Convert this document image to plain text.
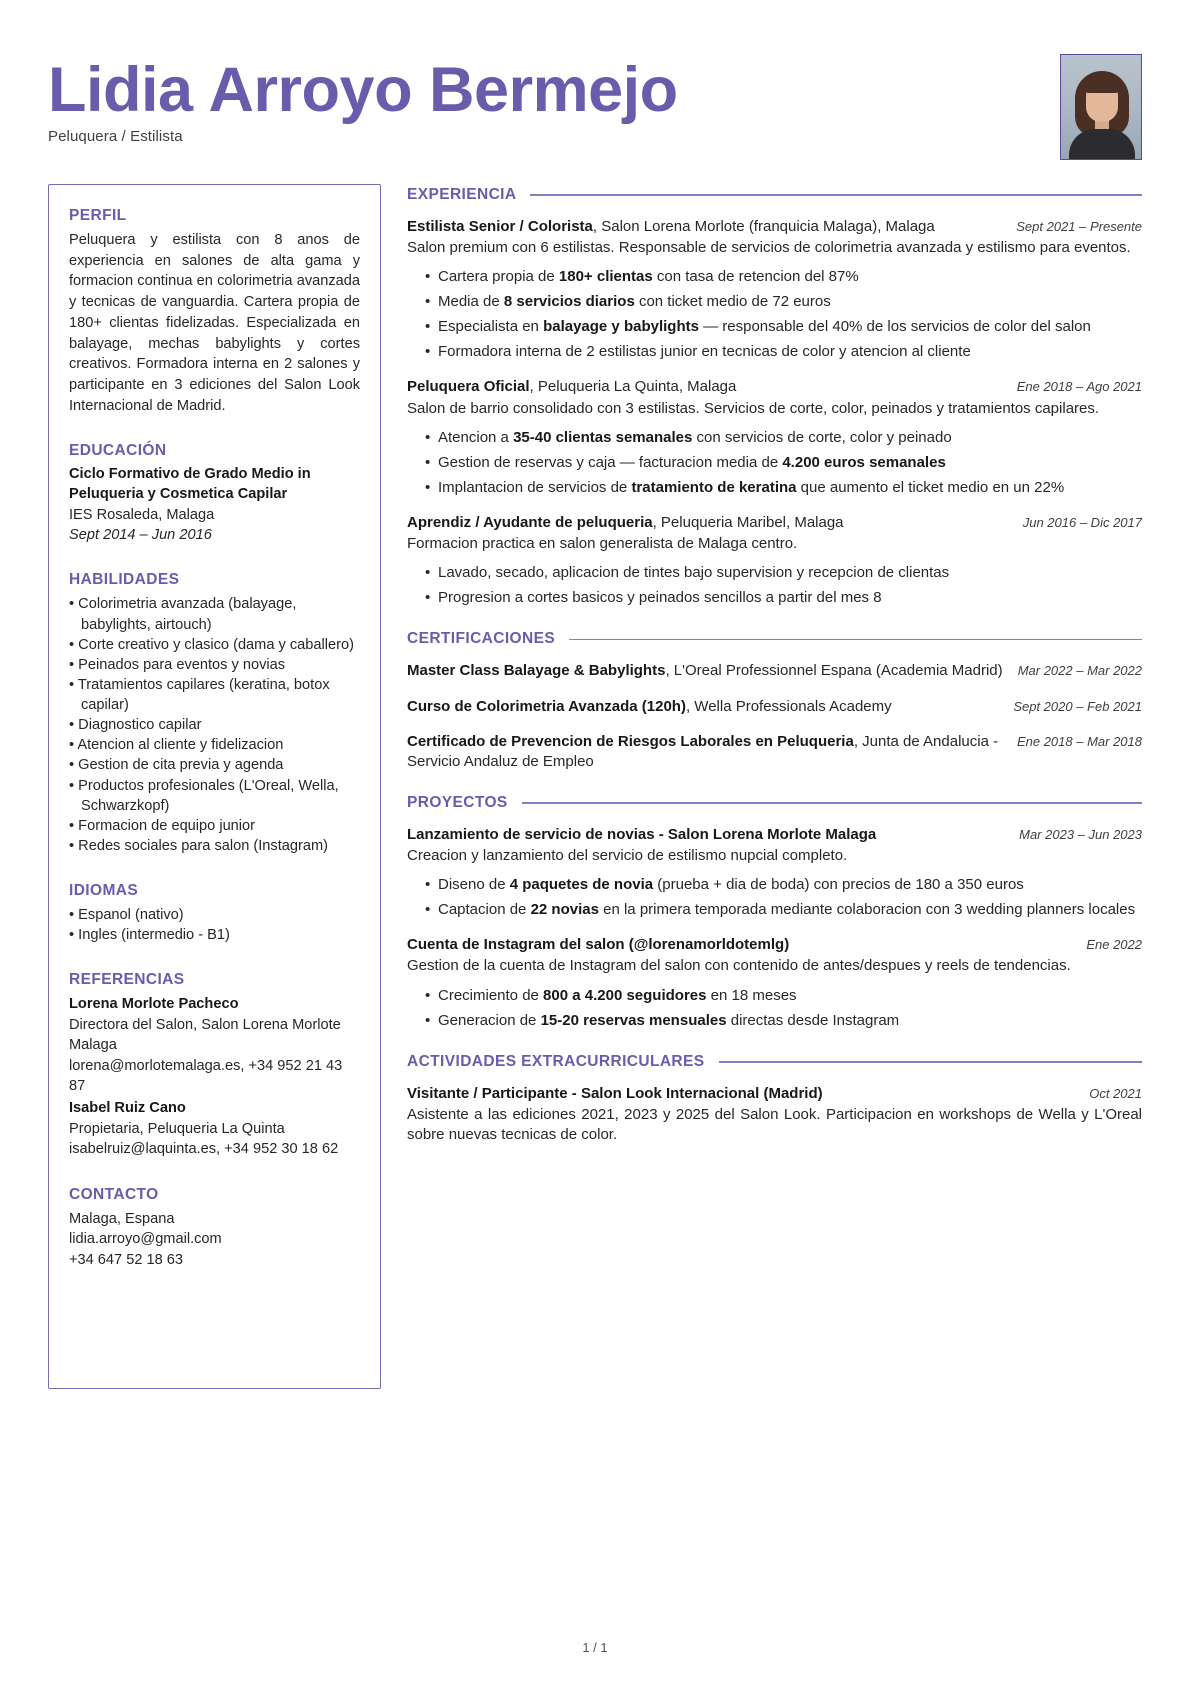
Lidia Arroyo Bermejo
Peluquera / Estilista
PERFIL
Peluquera y estilista con 8 anos de experiencia en salones de alta gama y formacion continua en colorimetria avanzada y tecnicas de vanguardia. Cartera propia de 180+ clientas fidelizadas. Especializada en balayage, mechas babylights y cortes creativos. Formadora interna en 2 salones y participante en 3 ediciones del Salon Look Internacional de Madrid.
EDUCACIÓN
Ciclo Formativo de Grado Medio in Peluqueria y Cosmetica Capilar
IES Rosaleda, Malaga
Sept 2014 – Jun 2016
HABILIDADES
• Colorimetria avanzada (balayage, babylights, airtouch)
• Corte creativo y clasico (dama y caballero)
• Peinados para eventos y novias
• Tratamientos capilares (keratina, botox capilar)
• Diagnostico capilar
• Atencion al cliente y fidelizacion
• Gestion de cita previa y agenda
• Productos profesionales (L'Oreal, Wella, Schwarzkopf)
• Formacion de equipo junior
• Redes sociales para salon (Instagram)
IDIOMAS
• Espanol (nativo)
• Ingles (intermedio - B1)
REFERENCIAS
Lorena Morlote Pacheco
Directora del Salon, Salon Lorena Morlote Malaga
lorena@morlotemalaga.es, +34 952 21 43 87
Isabel Ruiz Cano
Propietaria, Peluqueria La Quinta
isabelruiz@laquinta.es, +34 952 30 18 62
CONTACTO
Malaga, Espana
lidia.arroyo@gmail.com
+34 647 52 18 63
EXPERIENCIA
Estilista Senior / Colorista, Salon Lorena Morlote (franquicia Malaga), Malaga	Sept 2021 – Presente
Salon premium con 6 estilistas. Responsable de servicios de colorimetria avanzada y estilismo para eventos.
• Cartera propia de 180+ clientas con tasa de retencion del 87%
• Media de 8 servicios diarios con ticket medio de 72 euros
• Especialista en balayage y babylights — responsable del 40% de los servicios de color del salon
• Formadora interna de 2 estilistas junior en tecnicas de color y atencion al cliente
Peluquera Oficial, Peluqueria La Quinta, Malaga	Ene 2018 – Ago 2021
Salon de barrio consolidado con 3 estilistas. Servicios de corte, color, peinados y tratamientos capilares.
• Atencion a 35-40 clientas semanales con servicios de corte, color y peinado
• Gestion de reservas y caja — facturacion media de 4.200 euros semanales
• Implantacion de servicios de tratamiento de keratina que aumento el ticket medio en un 22%
Aprendiz / Ayudante de peluqueria, Peluqueria Maribel, Malaga	Jun 2016 – Dic 2017
Formacion practica en salon generalista de Malaga centro.
• Lavado, secado, aplicacion de tintes bajo supervision y recepcion de clientas
• Progresion a cortes basicos y peinados sencillos a partir del mes 8
CERTIFICACIONES
Master Class Balayage & Babylights, L'Oreal Professionnel Espana (Academia Madrid) Mar 2022 – Mar 2022
Curso de Colorimetria Avanzada (120h), Wella Professionals Academy	Sept 2020 – Feb 2021
Certificado de Prevencion de Riesgos Laborales en Peluqueria, Junta de Andalucia - Servicio Andaluz de Empleo
Ene 2018 – Mar 2018
PROYECTOS
Lanzamiento de servicio de novias - Salon Lorena Morlote Malaga	Mar 2023 – Jun 2023
Creacion y lanzamiento del servicio de estilismo nupcial completo.
• Diseno de 4 paquetes de novia (prueba + dia de boda) con precios de 180 a 350 euros
• Captacion de 22 novias en la primera temporada mediante colaboracion con 3 wedding planners locales
Cuenta de Instagram del salon (@lorenamorldotemlg)	Ene 2022
Gestion de la cuenta de Instagram del salon con contenido de antes/despues y reels de tendencias.
• Crecimiento de 800 a 4.200 seguidores en 18 meses
• Generacion de 15-20 reservas mensuales directas desde Instagram
ACTIVIDADES EXTRACURRICULARES
Visitante / Participante - Salon Look Internacional (Madrid)	Oct 2021
Asistente a las ediciones 2021, 2023 y 2025 del Salon Look. Participacion en workshops de Wella y L'Oreal sobre nuevas tecnicas de color.
1 / 1
